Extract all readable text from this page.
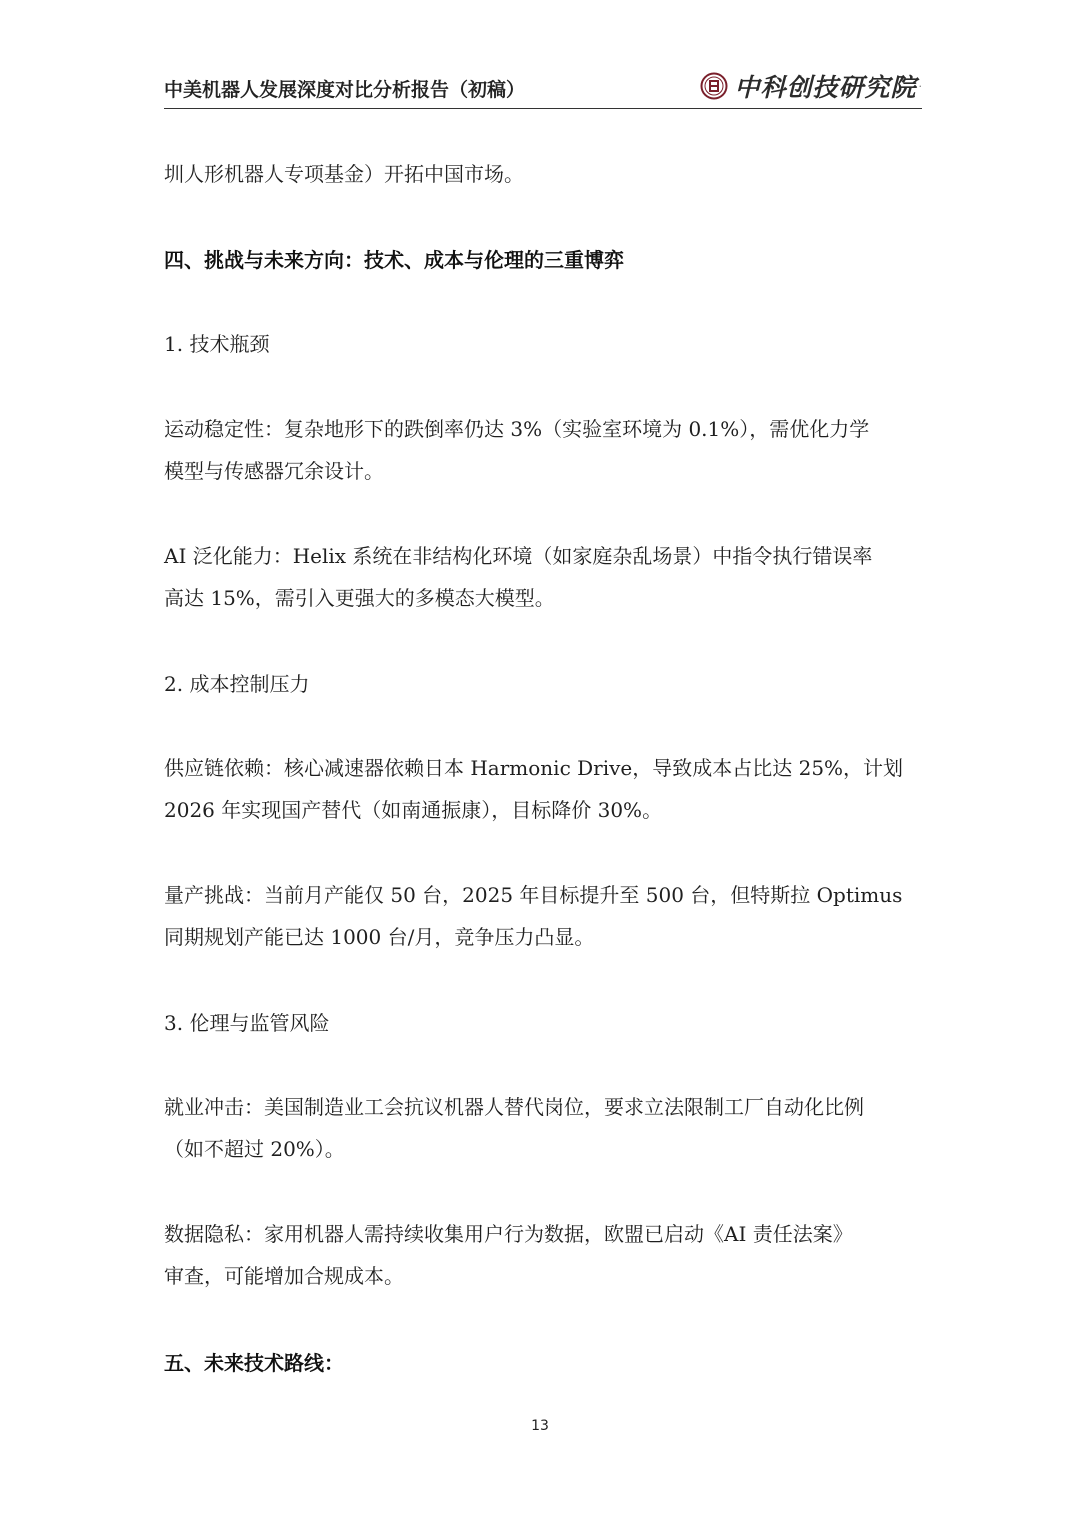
中美机器人发展深度对比分析报告（初稿）	中科创技研究院 ·
圳人形机器人专项基金）开拓中国市场。
四、挑战与未来方向：技术、成本与伦理的三重博弈
1. 技术瓶颈
运动稳定性：复杂地形下的跌倒率仍达 3%（实验室环境为 0.1%），需优化力学
模型与传感器冗余设计。
AI 泛化能力：Helix 系统在非结构化环境（如家庭杂乱场景）中指令执行错误率
高达 15%，需引入更强大的多模态大模型。
2. 成本控制压力
供应链依赖：核心减速器依赖日本 Harmonic Drive，导致成本占比达 25%，计划
2026 年实现国产替代（如南通振康），目标降价 30%。
量产挑战：当前月产能仅 50 台，2025 年目标提升至 500 台，但特斯拉 Optimus
同期规划产能已达 1000 台/月，竞争压力凸显。
3. 伦理与监管风险
就业冲击：美国制造业工会抗议机器人替代岗位，要求立法限制工厂自动化比例
（如不超过 20%）。
数据隐私：家用机器人需持续收集用户行为数据，欧盟已启动《AI 责任法案》
审查，可能增加合规成本。
五、未来技术路线：
13
